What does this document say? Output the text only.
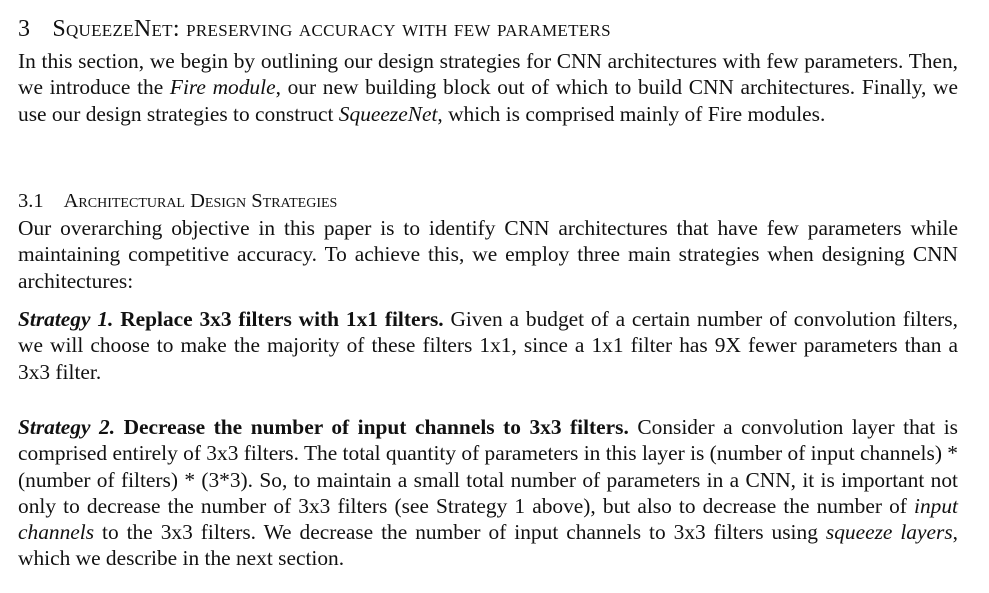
3 SqueezeNet: preserving accuracy with few parameters

In this section, we begin by outlining our design strategies for CNN architectures with few parameters. Then, we introduce the Fire module, our new building block out of which to build CNN architectures. Finally, we use our design strategies to construct SqueezeNet, which is comprised mainly of Fire modules.

3.1 Architectural Design Strategies

Our overarching objective in this paper is to identify CNN architectures that have few parameters while maintaining competitive accuracy. To achieve this, we employ three main strategies when designing CNN architectures:

Strategy 1. Replace 3x3 filters with 1x1 filters. Given a budget of a certain number of convolution filters, we will choose to make the majority of these filters 1x1, since a 1x1 filter has 9X fewer parameters than a 3x3 filter.

Strategy 2. Decrease the number of input channels to 3x3 filters. Consider a convolution layer that is comprised entirely of 3x3 filters. The total quantity of parameters in this layer is (number of input channels) * (number of filters) * (3*3). So, to maintain a small total number of parameters in a CNN, it is important not only to decrease the number of 3x3 filters (see Strategy 1 above), but also to decrease the number of input channels to the 3x3 filters. We decrease the number of input channels to 3x3 filters using squeeze layers, which we describe in the next section.
